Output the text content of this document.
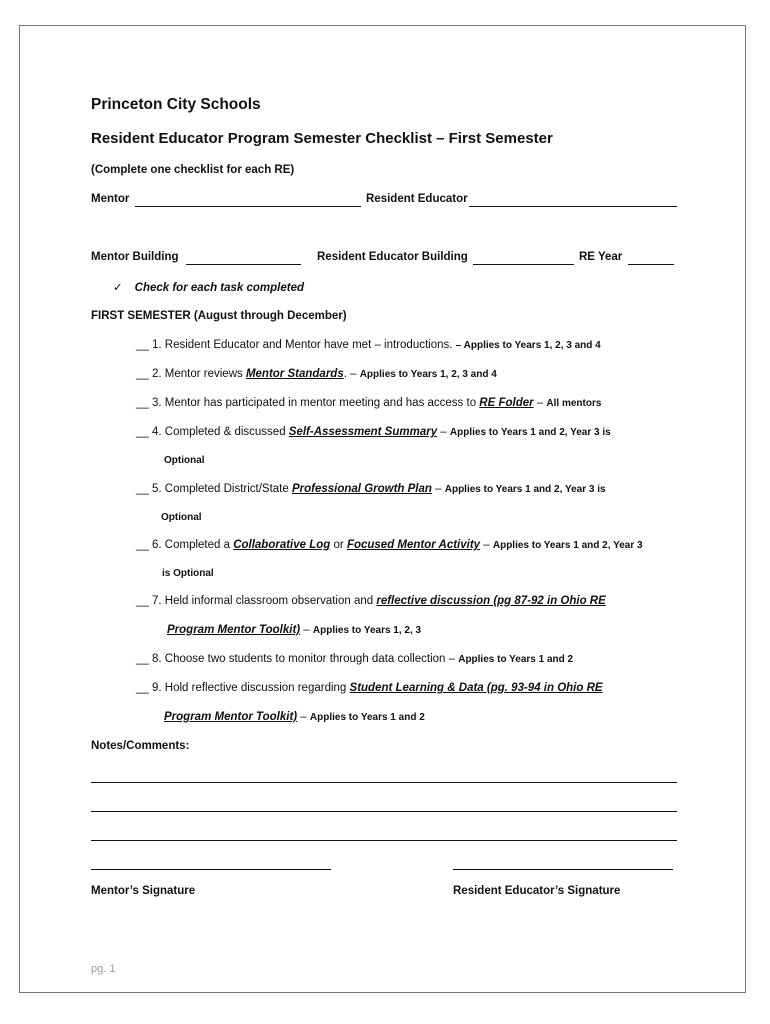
Princeton City Schools
Resident Educator Program Semester Checklist – First Semester
(Complete one checklist for each RE)
Mentor	Resident Educator
Mentor Building	Resident Educator Building	RE Year
✓ Check for each task completed
FIRST SEMESTER (August through December)
__ 1. Resident Educator and Mentor have met – introductions. – Applies to Years 1, 2, 3 and 4
__ 2. Mentor reviews Mentor Standards. – Applies to Years 1, 2, 3 and 4
__ 3. Mentor has participated in mentor meeting and has access to RE Folder – All mentors
__ 4. Completed & discussed Self-Assessment Summary – Applies to Years 1 and 2, Year 3 is
Optional
__ 5. Completed District/State Professional Growth Plan – Applies to Years 1 and 2, Year 3 is
Optional
__ 6. Completed a Collaborative Log or Focused Mentor Activity – Applies to Years 1 and 2, Year 3
is Optional
__ 7. Held informal classroom observation and reflective discussion (pg 87-92 in Ohio RE
Program Mentor Toolkit) – Applies to Years 1, 2, 3
__ 8. Choose two students to monitor through data collection – Applies to Years 1 and 2
__ 9. Hold reflective discussion regarding Student Learning & Data (pg. 93-94 in Ohio RE
Program Mentor Toolkit) – Applies to Years 1 and 2
Notes/Comments:
Mentor’s Signature	Resident Educator’s Signature
pg. 1
